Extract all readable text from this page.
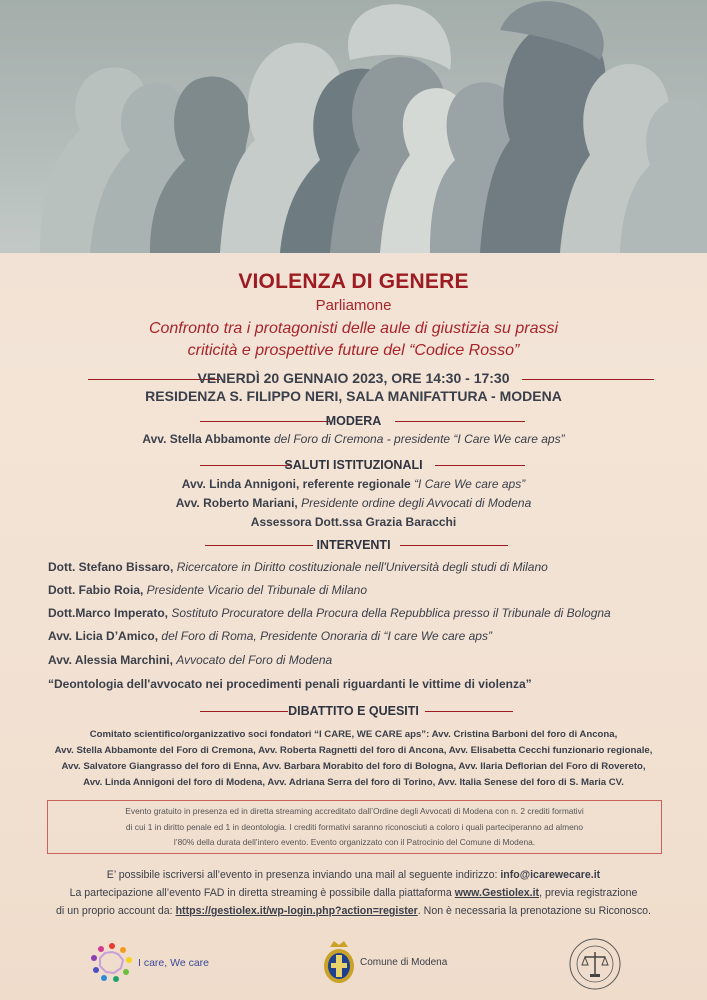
VIOLENZA DI GENERE
Parliamone
Confronto tra i protagonisti delle aule di giustizia su prassi
criticità e prospettive future del “Codice Rosso”
VENERDÌ 20 GENNAIO 2023, ORE 14:30 - 17:30
RESIDENZA S. FILIPPO NERI, SALA MANIFATTURA - MODENA
MODERA
Avv. Stella Abbamonte del Foro di Cremona - presidente “I Care We care aps”
SALUTI ISTITUZIONALI
Avv. Linda Annigoni, referente regionale “I Care We care aps”
Avv. Roberto Mariani, Presidente ordine degli Avvocati di Modena
Assessora Dott.ssa Grazia Baracchi
INTERVENTI
Dott. Stefano Bissaro, Ricercatore in Diritto costituzionale nell'Università degli studi di Milano
Dott. Fabio Roia, Presidente Vicario del Tribunale di Milano
Dott.Marco Imperato, Sostituto Procuratore della Procura della Repubblica presso il Tribunale di Bologna
Avv. Licia D’Amico, del Foro di Roma, Presidente Onoraria di “I care We care aps”
Avv. Alessia Marchini, Avvocato del Foro di Modena
“Deontologia dell'avvocato nei procedimenti penali riguardanti le vittime di violenza”
DIBATTITO E QUESITI
Comitato scientifico/organizzativo soci fondatori “I CARE, WE CARE aps”: Avv. Cristina Barboni del foro di Ancona,
Avv. Stella Abbamonte del Foro di Cremona, Avv. Roberta Ragnetti del foro di Ancona, Avv. Elisabetta Cecchi funzionario regionale,
Avv. Salvatore Giangrasso del foro di Enna, Avv. Barbara Morabito del foro di Bologna, Avv. Ilaria Deflorian del Foro di Rovereto,
Avv. Linda Annigoni del foro di Modena, Avv. Adriana Serra del foro di Torino, Avv. Italia Senese del foro di S. Maria CV.
Evento gratuito in presenza ed in diretta streaming accreditato dall’Ordine degli Avvocati di Modena con n. 2 crediti formativi
di cui 1 in diritto penale ed 1 in deontologia. I crediti formativi saranno riconosciuti a coloro i quali parteciperanno ad almeno
l’80% della durata dell’intero evento. Evento organizzato con il Patrocinio del Comune di Modena.
E’ possibile iscriversi all’evento in presenza inviando una mail al seguente indirizzo: info@icarewecare.it
La partecipazione all’evento FAD in diretta streaming è possibile dalla piattaforma www.Gestiolex.it, previa registrazione
di un proprio account da: https://gestiolex.it/wp-login.php?action=register. Non è necessaria la prenotazione su Riconosco.
I care, We care	Comune di Modena
